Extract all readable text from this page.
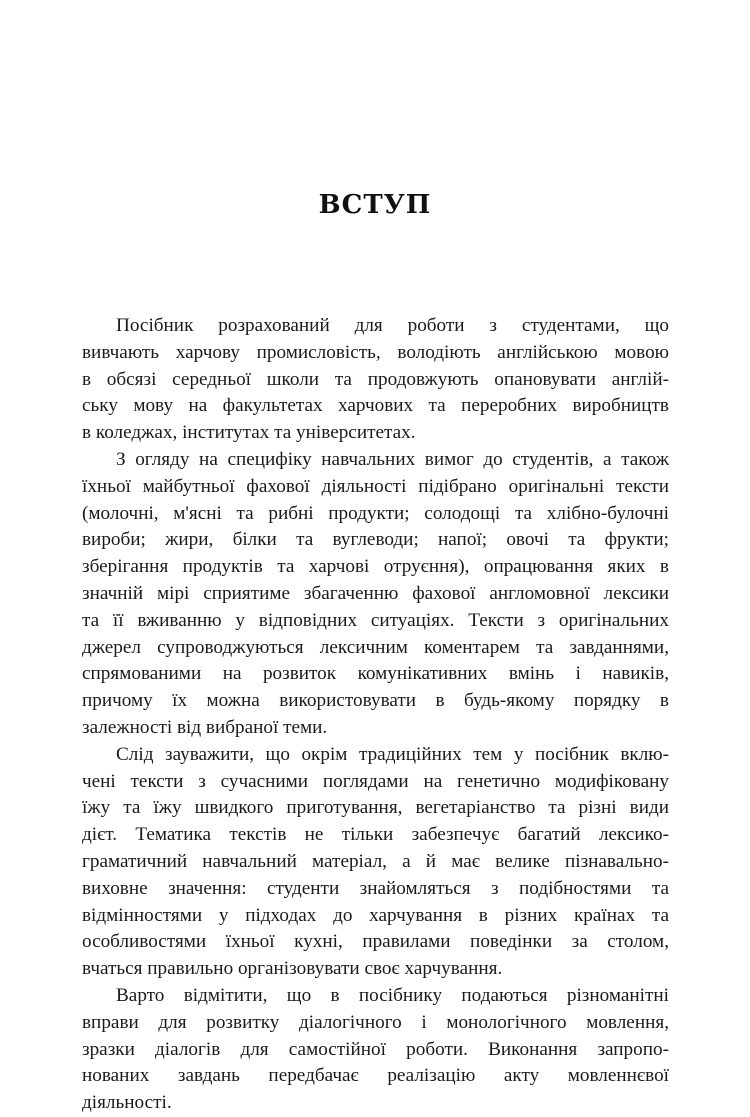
ВСТУП
Посібник розрахований для роботи з студентами, що
вивчають харчову промисловість, володіють англійською мовою
в обсязі середньої школи та продовжують опановувати англій-
ську мову на факультетах харчових та переробних виробництв
в коледжах, інститутах та університетах.
З огляду на специфіку навчальних вимог до студентів, а також
їхньої майбутньої фахової діяльності підібрано оригінальні тексти
(молочні, м'ясні та рибні продукти; солодощі та хлібно-булочні
вироби; жири, білки та вуглеводи; напої; овочі та фрукти;
зберігання продуктів та харчові отруєння), опрацювання яких в
значній мірі сприятиме збагаченню фахової англомовної лексики
та її вживанню у відповідних ситуаціях. Тексти з оригінальних
джерел супроводжуються лексичним коментарем та завданнями,
спрямованими на розвиток комунікативних вмінь і навиків,
причому їх можна використовувати в будь-якому порядку в
залежності від вибраної теми.
Слід зауважити, що окрім традиційних тем у посібник вклю-
чені тексти з сучасними поглядами на генетично модифіковану
їжу та їжу швидкого приготування, вегетаріанство та різні види
дієт. Тематика текстів не тільки забезпечує багатий лексико-
граматичний навчальний матеріал, а й має велике пізнавально-
виховне значення: студенти знайомляться з подібностями та
відмінностями у підходах до харчування в різних країнах та
особливостями їхньої кухні, правилами поведінки за столом,
вчаться правильно організовувати своє харчування.
Варто відмітити, що в посібнику подаються різноманітні
вправи для розвитку діалогічного і монологічного мовлення,
зразки діалогів для самостійної роботи. Виконання запропо-
нованих завдань передбачає реалізацію акту мовленнєвої
діяльності.
